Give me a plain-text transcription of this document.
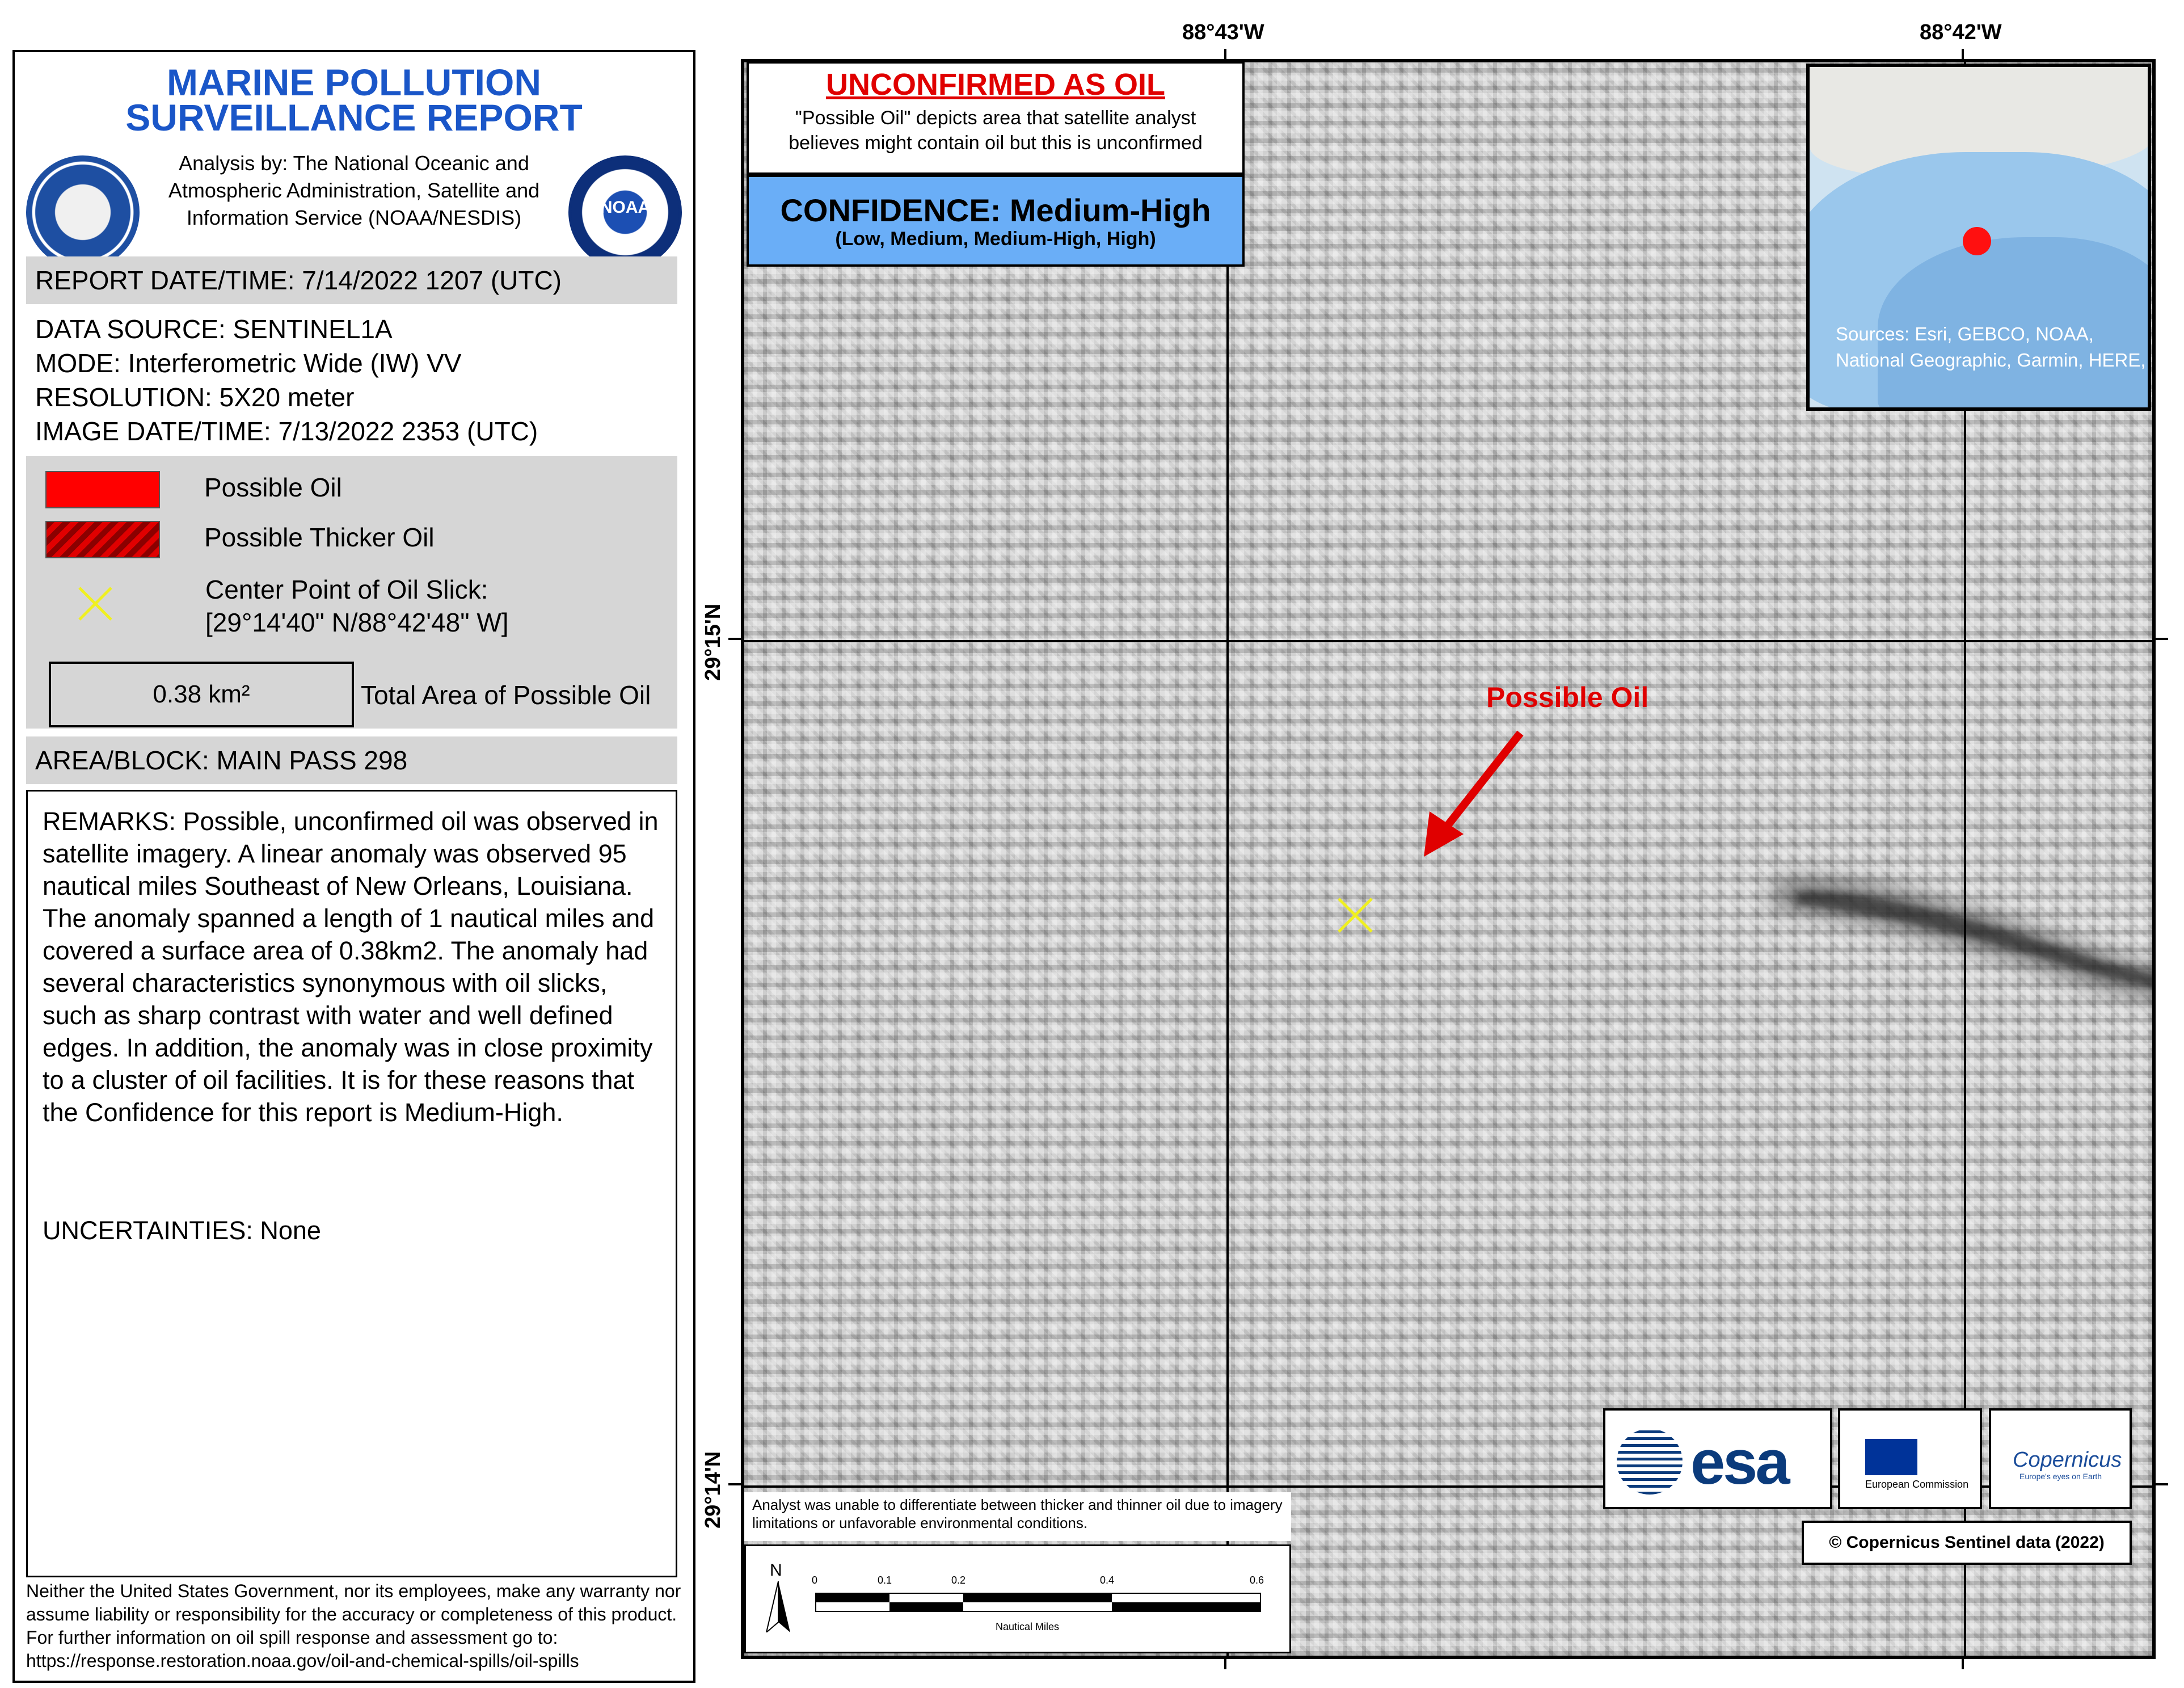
MARINE POLLUTION
SURVEILLANCE REPORT
NOAA
Analysis by: The National Oceanic and
Atmospheric Administration, Satellite and
Information Service (NOAA/NESDIS)
REPORT DATE/TIME: 7/14/2022 1207 (UTC)
DATA SOURCE: SENTINEL1A
MODE: Interferometric Wide (IW) VV
RESOLUTION: 5X20 meter
IMAGE DATE/TIME: 7/13/2022 2353 (UTC)
Possible Oil
Possible Thicker Oil
Center Point of Oil Slick:
[29°14'40" N/88°42'48" W]
0.38 km²	Total Area of Possible Oil
AREA/BLOCK: MAIN PASS 298
REMARKS: Possible, unconfirmed oil was observed in satellite imagery. A linear anomaly was observed 95 nautical miles Southeast of New Orleans, Louisiana. The anomaly spanned a length of 1 nautical miles and covered a surface area of 0.38km2. The anomaly had several characteristics synonymous with oil slicks, such as sharp contrast with water and well defined edges. In addition, the anomaly was in close proximity to a cluster of oil facilities. It is for these reasons that the Confidence for this report is Medium-High.
UNCERTAINTIES: None
Neither the United States Government, nor its employees, make any warranty nor assume liability or responsibility for the accuracy or completeness of this product.
For further information on oil spill response and assessment go to:
https://response.restoration.noaa.gov/oil-and-chemical-spills/oil-spills
88°43'W	88°42'W
29°15'N
29°14'N
UNCONFIRMED AS OIL
"Possible Oil" depicts area that satellite analyst
believes might contain oil but this is unconfirmed
CONFIDENCE: Medium-High
(Low, Medium, Medium-High, High)
Sources: Esri, GEBCO, NOAA, National Geographic, Garmin, HERE,
Possible Oil
esa	European Commission
Copernicus
Europe's eyes on Earth
© Copernicus Sentinel data (2022)
Analyst was unable to differentiate between thicker and thinner oil due to imagery limitations or unfavorable environmental conditions.
N
0	0.1	0.2	0.4	0.6
Nautical Miles
